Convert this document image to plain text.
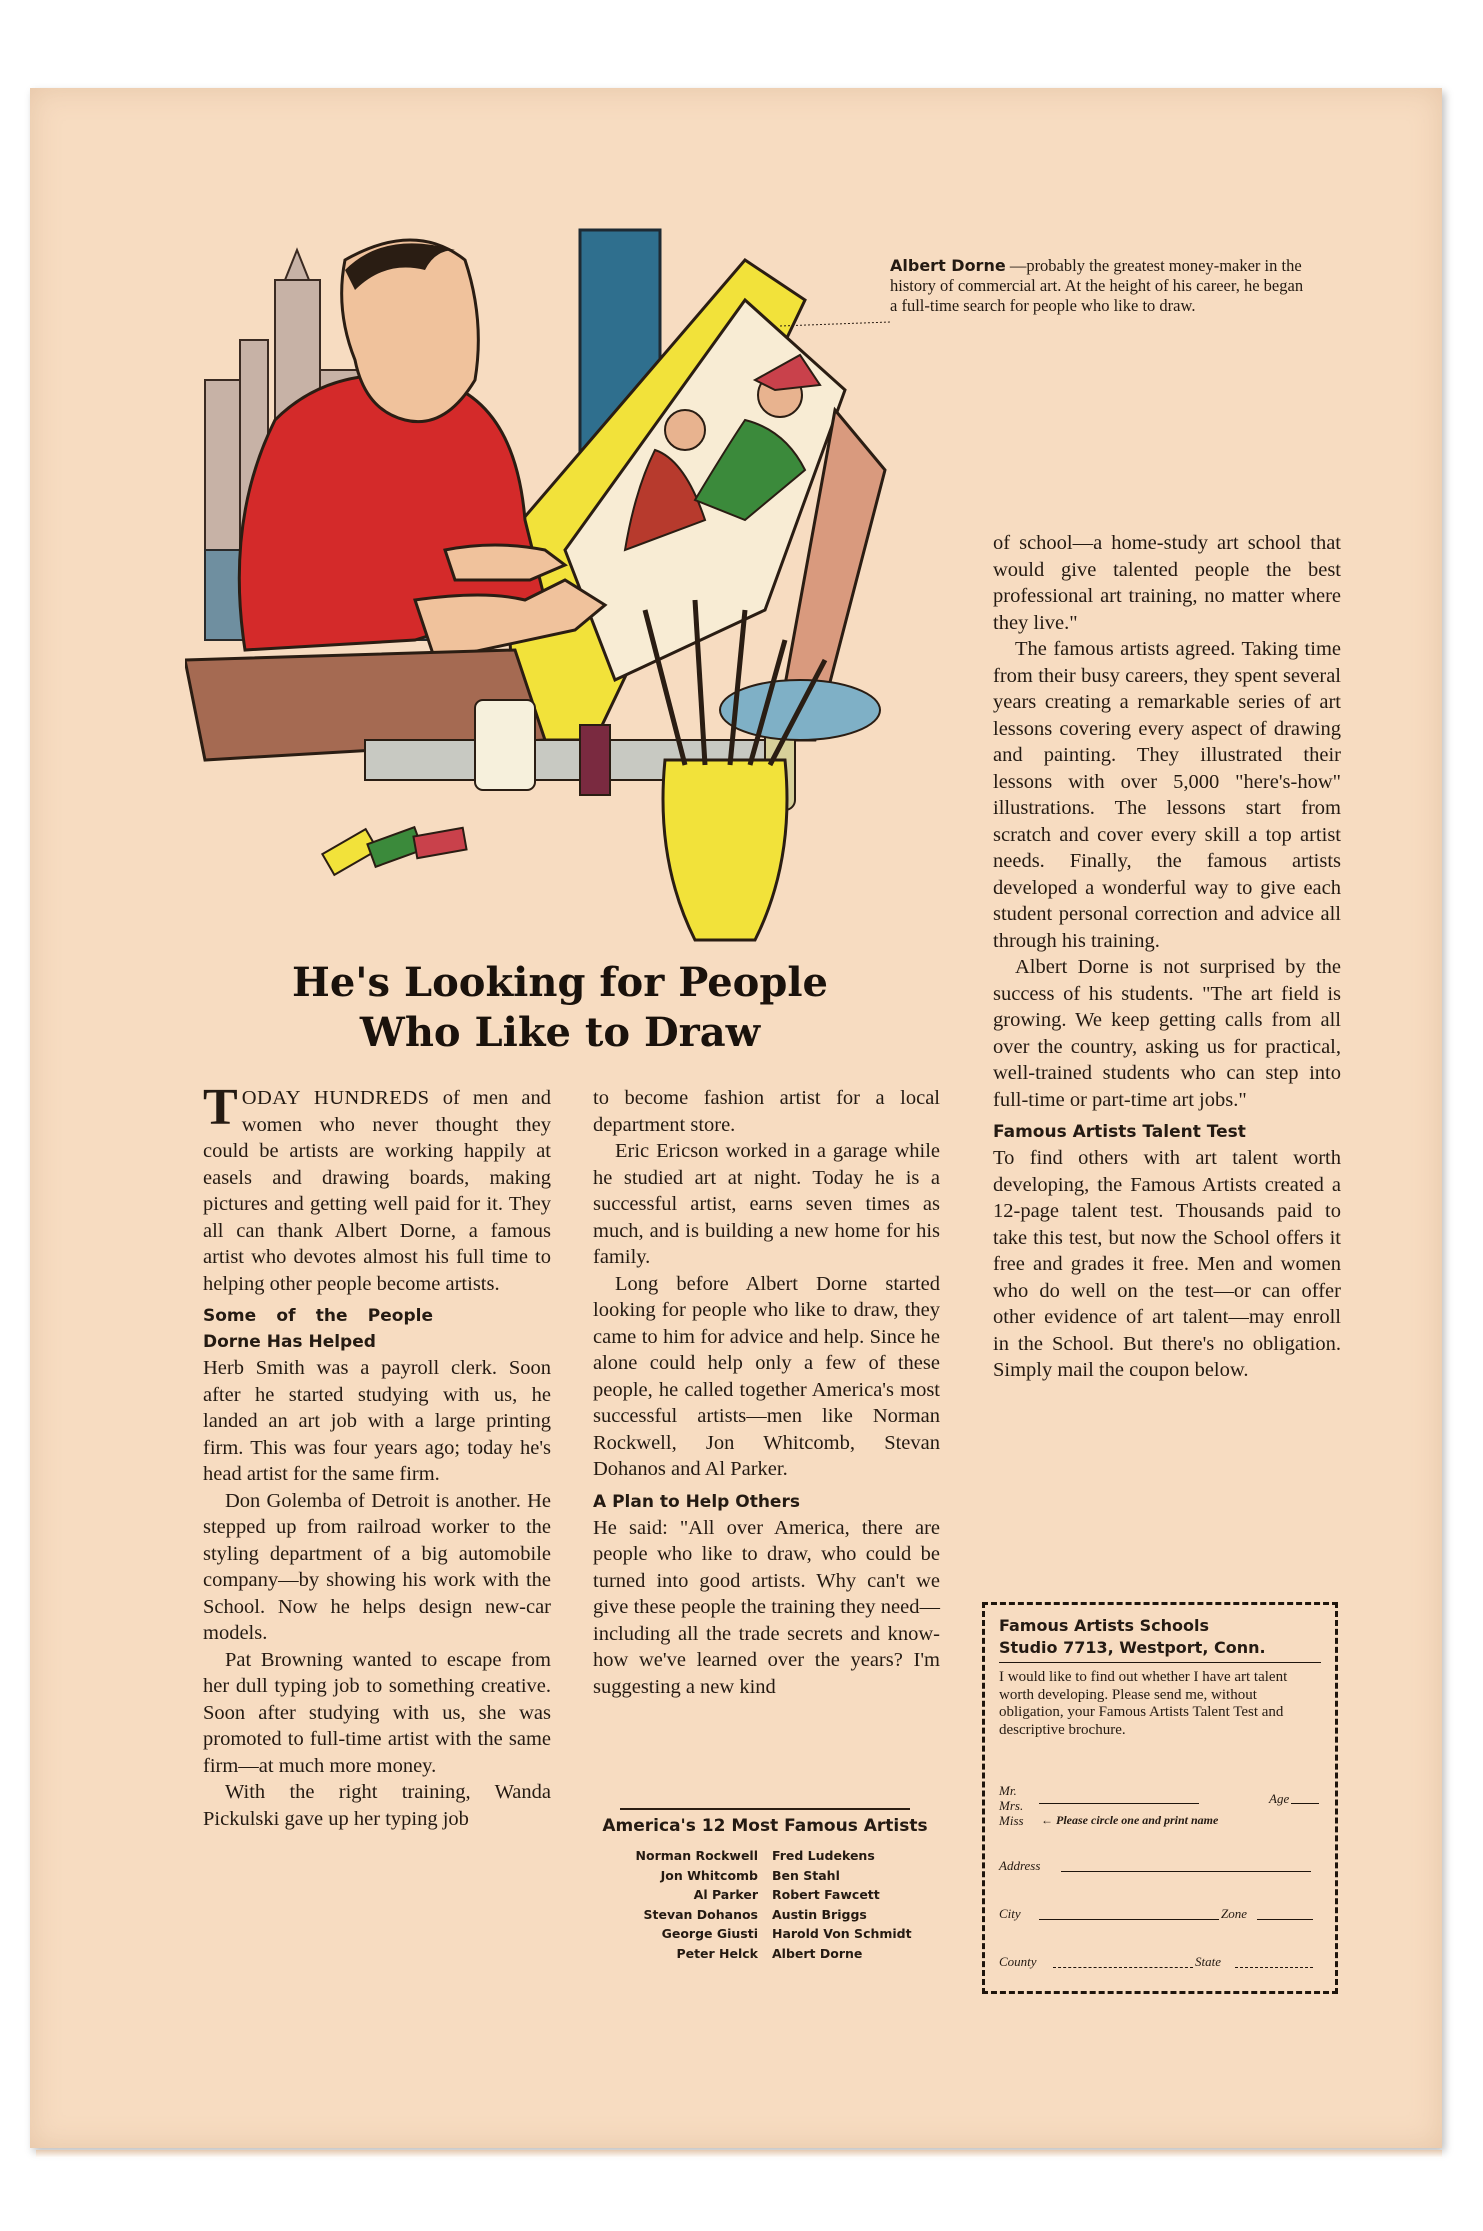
Albert Dorne —probably the greatest money-maker in the history of commercial art. At the height of his career, he began a full-time search for people who like to draw.
He's Looking for People
Who Like to Draw

TODAY HUNDREDS of men and women who never thought they could be artists are working happily at easels and drawing boards, making pictures and getting well paid for it. They all can thank Albert Dorne, a famous artist who devotes almost his full time to helping other people become artists.

Some of the People Dorne Has Helped

Herb Smith was a payroll clerk. Soon after he started studying with us, he landed an art job with a large printing firm. This was four years ago; today he's head artist for the same firm.

Don Golemba of Detroit is another. He stepped up from railroad worker to the styling department of a big automobile company—by showing his work with the School. Now he helps design new-car models.

Pat Browning wanted to escape from her dull typing job to something creative. Soon after studying with us, she was promoted to full-time artist with the same firm—at much more money.

With the right training, Wanda Pickulski gave up her typing job

to become fashion artist for a local department store.

Eric Ericson worked in a garage while he studied art at night. Today he is a successful artist, earns seven times as much, and is building a new home for his family.

Long before Albert Dorne started looking for people who like to draw, they came to him for advice and help. Since he alone could help only a few of these people, he called together America's most successful artists—men like Norman Rockwell, Jon Whitcomb, Stevan Dohanos and Al Parker.

A Plan to Help Others

He said: "All over America, there are people who like to draw, who could be turned into good artists. Why can't we give these people the training they need—including all the trade secrets and know-how we've learned over the years? I'm suggesting a new kind

America's 12 Most Famous Artists
Norman Rockwell Fred Ludekens
Jon Whitcomb Ben Stahl
Al Parker Robert Fawcett
Stevan Dohanos Austin Briggs
George Giusti Harold Von Schmidt
Peter Helck Albert Dorne

of school—a home-study art school that would give talented people the best professional art training, no matter where they live."

The famous artists agreed. Taking time from their busy careers, they spent several years creating a remarkable series of art lessons covering every aspect of drawing and painting. They illustrated their lessons with over 5,000 "here's-how" illustrations. The lessons start from scratch and cover every skill a top artist needs. Finally, the famous artists developed a wonderful way to give each student personal correction and advice all through his training.

Albert Dorne is not surprised by the success of his students. "The art field is growing. We keep getting calls from all over the country, asking us for practical, well-trained students who can step into full-time or part-time art jobs."

Famous Artists Talent Test

To find others with art talent worth developing, the Famous Artists created a 12-page talent test. Thousands paid to take this test, but now the School offers it free and grades it free. Men and women who do well on the test—or can offer other evidence of art talent—may enroll in the School. But there's no obligation. Simply mail the coupon below.

Famous Artists Schools
Studio 7713, Westport, Conn.
I would like to find out whether I have art talent worth developing. Please send me, without obligation, your Famous Artists Talent Test and descriptive brochure.
Mr.
Mrs.
Miss
Age
← Please circle one and print name
Address
City	Zone
County	State
